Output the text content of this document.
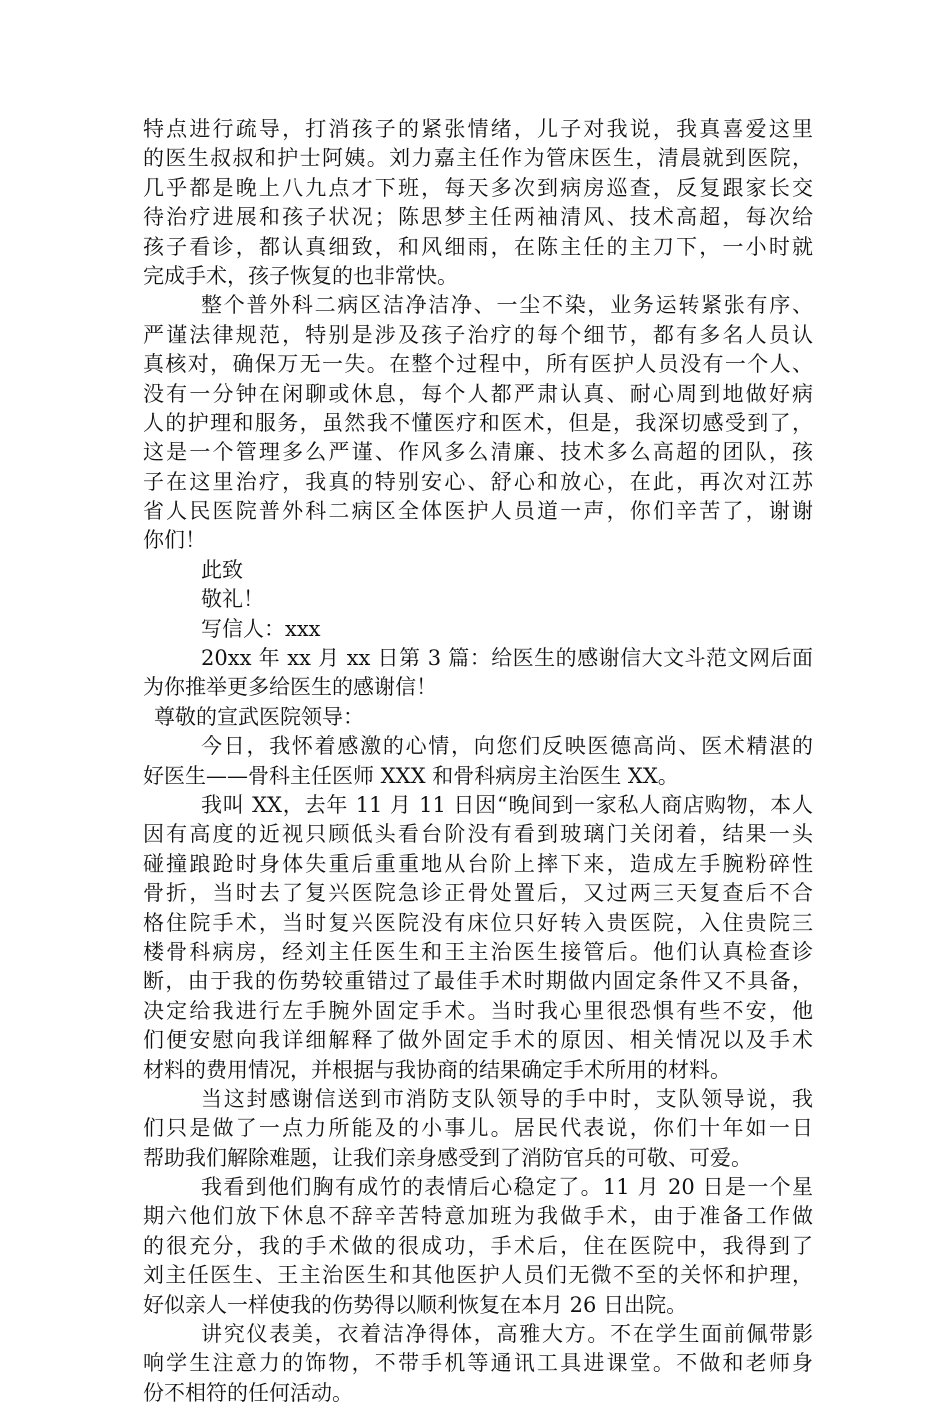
特点进行疏导，打消孩子的紧张情绪，儿子对我说，我真喜爱这里
的医生叔叔和护士阿姨。刘力嘉主任作为管床医生，清晨就到医院，
几乎都是晚上八九点才下班，每天多次到病房巡查，反复跟家长交
待治疗进展和孩子状况；陈思梦主任两袖清风、技术高超，每次给
孩子看诊，都认真细致，和风细雨，在陈主任的主刀下，一小时就
完成手术，孩子恢复的也非常快。
整个普外科二病区洁净洁净、一尘不染，业务运转紧张有序、
严谨法律规范，特别是涉及孩子治疗的每个细节，都有多名人员认
真核对，确保万无一失。在整个过程中，所有医护人员没有一个人、
没有一分钟在闲聊或休息，每个人都严肃认真、耐心周到地做好病
人的护理和服务，虽然我不懂医疗和医术，但是，我深切感受到了，
这是一个管理多么严谨、作风多么清廉、技术多么高超的团队，孩
子在这里治疗，我真的特别安心、舒心和放心，在此，再次对江苏
省人民医院普外科二病区全体医护人员道一声，你们辛苦了，谢谢
你们！
此致
敬礼！
写信人：xxx
20xx 年 xx 月 xx 日第 3 篇：给医生的感谢信大文斗范文网后面
为你推举更多给医生的感谢信！
尊敬的宣武医院领导：
今日，我怀着感激的心情，向您们反映医德高尚、医术精湛的
好医生——骨科主任医师 XXX 和骨科病房主治医生 XX。
我叫 XX，去年 11 月 11 日因“晚间到一家私人商店购物，本人
因有高度的近视只顾低头看台阶没有看到玻璃门关闭着，结果一头
碰撞踉跄时身体失重后重重地从台阶上摔下来，造成左手腕粉碎性
骨折，当时去了复兴医院急诊正骨处置后，又过两三天复查后不合
格住院手术，当时复兴医院没有床位只好转入贵医院，入住贵院三
楼骨科病房，经刘主任医生和王主治医生接管后。他们认真检查诊
断，由于我的伤势较重错过了最佳手术时期做内固定条件又不具备，
决定给我进行左手腕外固定手术。当时我心里很恐惧有些不安，他
们便安慰向我详细解释了做外固定手术的原因、相关情况以及手术
材料的费用情况，并根据与我协商的结果确定手术所用的材料。
当这封感谢信送到市消防支队领导的手中时，支队领导说，我
们只是做了一点力所能及的小事儿。居民代表说，你们十年如一日
帮助我们解除难题，让我们亲身感受到了消防官兵的可敬、可爱。
我看到他们胸有成竹的表情后心稳定了。11 月 20 日是一个星
期六他们放下休息不辞辛苦特意加班为我做手术，由于准备工作做
的很充分，我的手术做的很成功，手术后，住在医院中，我得到了
刘主任医生、王主治医生和其他医护人员们无微不至的关怀和护理，
好似亲人一样使我的伤势得以顺利恢复在本月 26 日出院。
讲究仪表美，衣着洁净得体，高雅大方。不在学生面前佩带影
响学生注意力的饰物，不带手机等通讯工具进课堂。不做和老师身
份不相符的任何活动。
